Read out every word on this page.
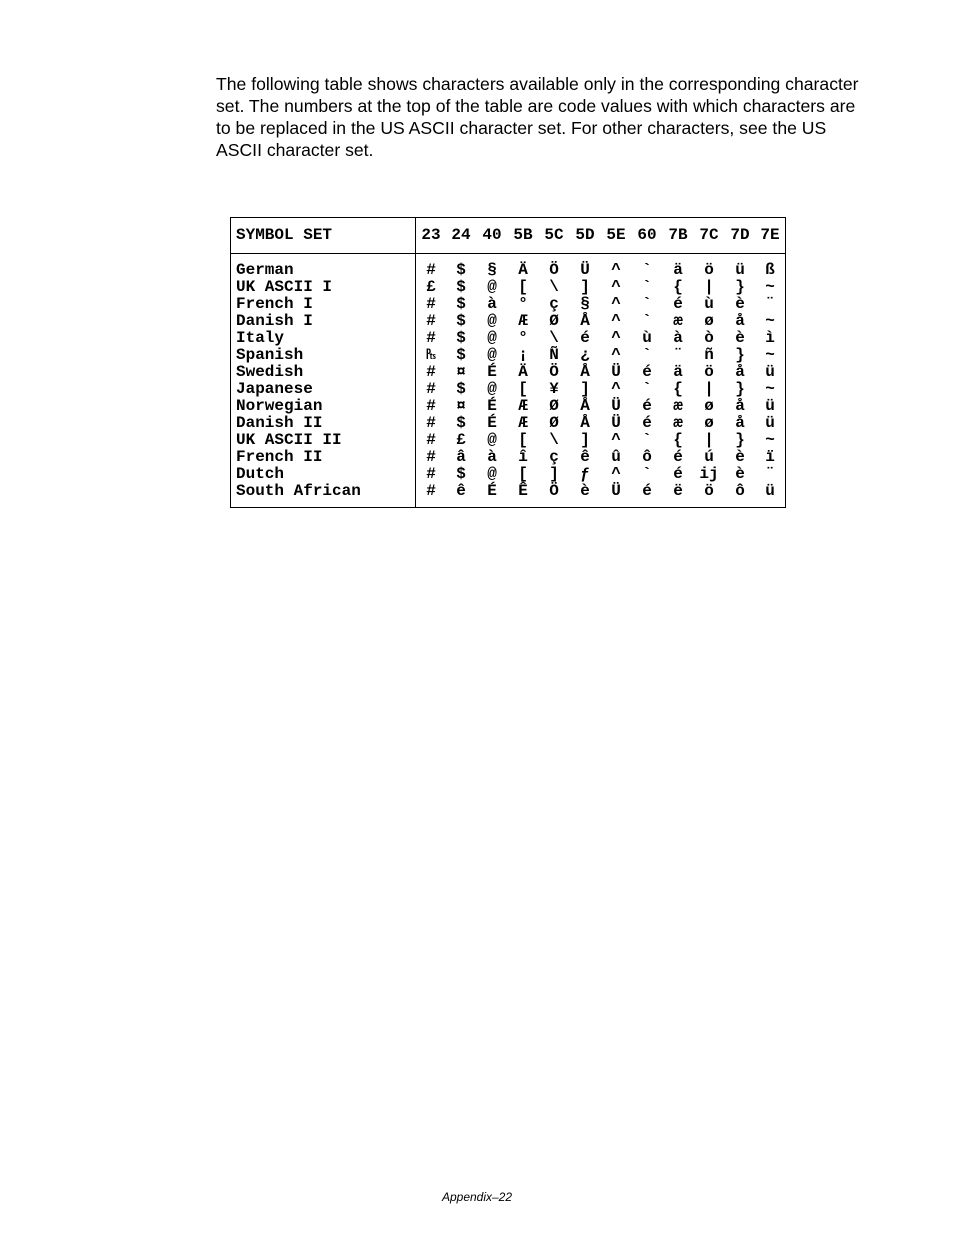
The following table shows characters available only in the corresponding character set. The numbers at the top of the table are code values with which characters are to be replaced in the US ASCII character set. For other characters, see the US ASCII character set.

SYMBOL SET	23 24 40 5B 5C 5D 5E 60 7B 7C 7D 7E
German	#	$	§	Ä	Ö	Ü	^	`	ä	ö	ü	ß
UK ASCII I	£	$	@	[	\	]	^	`	{	|	}	~
French I	#	$	à	°	ç	§	^	`	é	ù	è	¨
Danish I	#	$	@	Æ	Ø	Å	^	`	æ	ø	å	~
Italy	#	$	@	°	\	é	^	ù	à	ò	è	ì
Spanish	₧	$	@	¡	Ñ	¿	^	`	¨	ñ	}	~
Swedish	#	¤	É	Ä	Ö	Å	Ü	é	ä	ö	å	ü
Japanese	#	$	@	[	¥	]	^	`	{	|	}	~
Norwegian	#	¤	É	Æ	Ø	Å	Ü	é	æ	ø	å	ü
Danish II	#	$	É	Æ	Ø	Å	Ü	é	æ	ø	å	ü
UK ASCII II	#	£	@	[	\	]	^	`	{	|	}	~
French II	#	â	à	î	ç	ê	û	ô	é	ú	è	ï
Dutch	#	$	@	[	]	ƒ	^	`	é	ij	è	¨
South African	#	ê	É	Ê	Ö	è	Ü	é	ë	ö	ô	ü
Appendix–22
